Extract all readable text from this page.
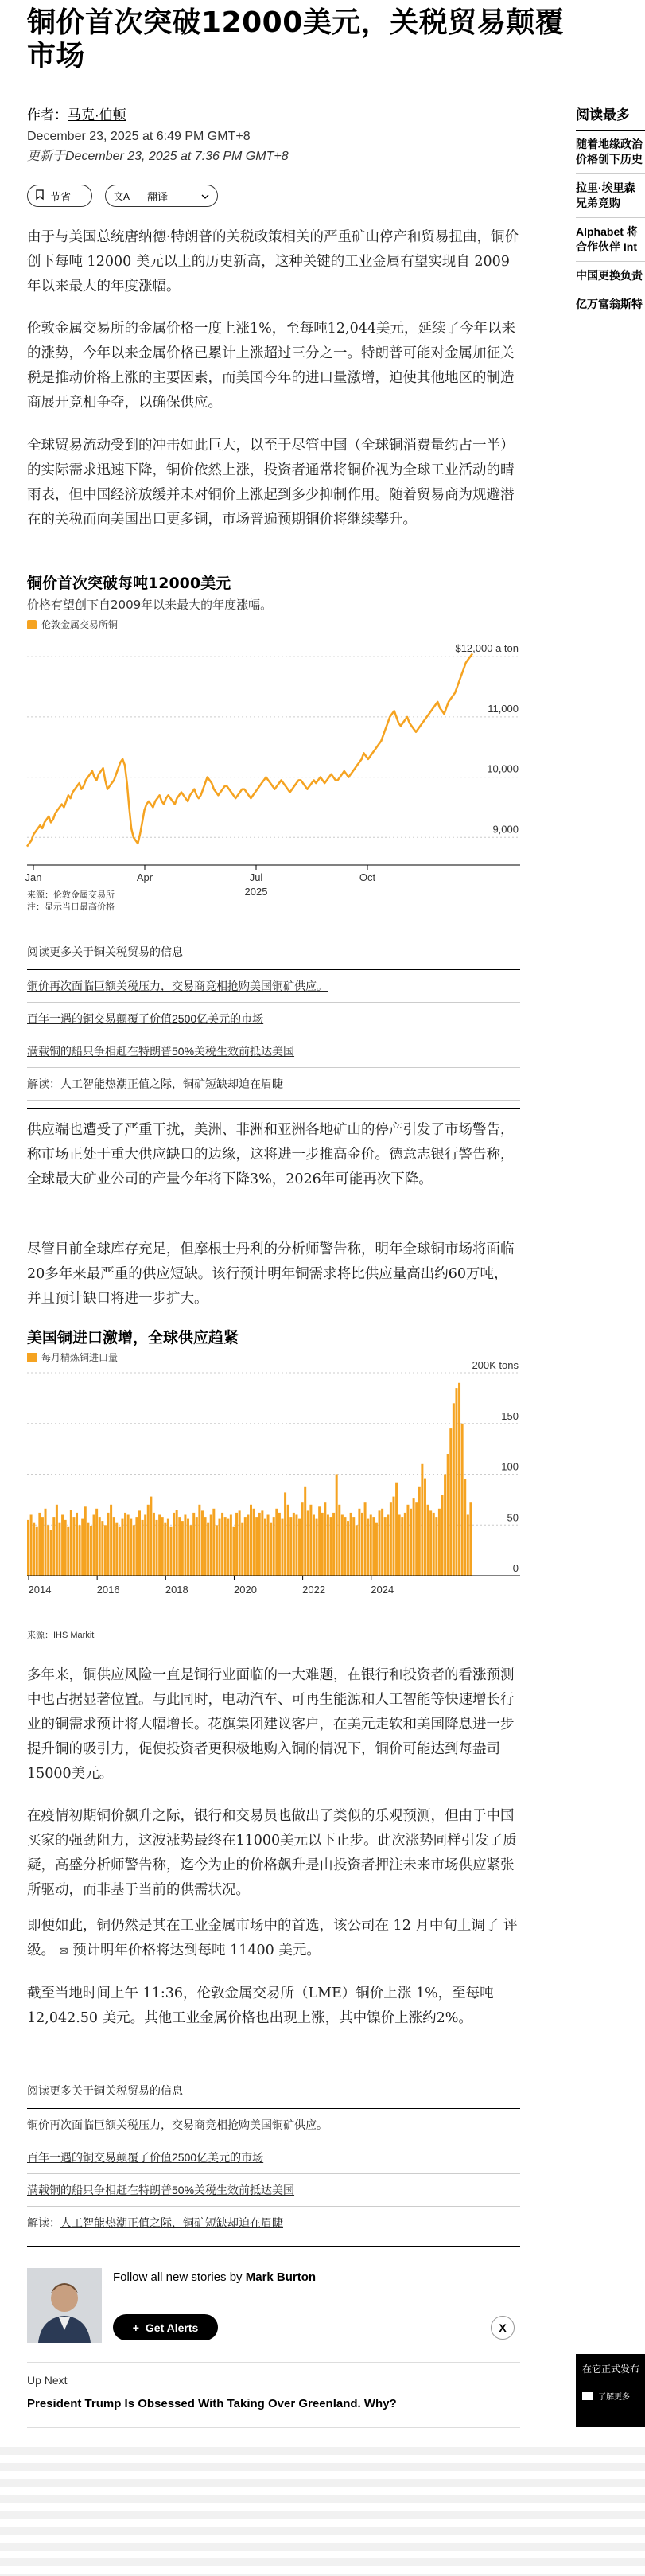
铜价首次突破12000美元，关税贸易颠覆
市场
作者：马克·伯顿
December 23, 2025 at 6:49 PM GMT+8
更新于December 23, 2025 at 7:36 PM GMT+8
节省	文A 翻译

由于与美国总统唐纳德·特朗普的关税政策相关的严重矿山停产和贸易扭曲，铜价创下每吨 12000 美元以上的历史新高，这种关键的工业金属有望实现自 2009 年以来最大的年度涨幅。

伦敦金属交易所的金属价格一度上涨1%，至每吨12,044美元，延续了今年以来的涨势，今年以来金属价格已累计上涨超过三分之一。特朗普可能对金属加征关税是推动价格上涨的主要因素，而美国今年的进口量激增，迫使其他地区的制造商展开竞相争夺，以确保供应。

全球贸易流动受到的冲击如此巨大，以至于尽管中国（全球铜消费量约占一半）的实际需求迅速下降，铜价依然上涨，投资者通常将铜价视为全球工业活动的晴雨表，但中国经济放缓并未对铜价上涨起到多少抑制作用。随着贸易商为规避潜在的关税而向美国出口更多铜，市场普遍预期铜价将继续攀升。

铜价首次突破每吨12000美元
价格有望创下自2009年以来最大的年度涨幅。
伦敦金属交易所铜
9,000
10,000
11,000
$12,000 a ton
Jan	Apr	Jul	Oct
2025
来源：伦敦金属交易所
注：显示当日最高价格
阅读更多关于铜关税贸易的信息
铜价再次面临巨额关税压力，交易商竞相抢购美国铜矿供应。
百年一遇的铜交易颠覆了价值2500亿美元的市场
满载铜的船只争相赶在特朗普50%关税生效前抵达美国
解读：人工智能热潮正值之际，铜矿短缺却迫在眉睫

供应端也遭受了严重干扰，美洲、非洲和亚洲各地矿山的停产引发了市场警告，称市场正处于重大供应缺口的边缘，这将进一步推高金价。德意志银行警告称，全球最大矿业公司的产量今年将下降3%，2026年可能再次下降。

尽管目前全球库存充足，但摩根士丹利的分析师警告称，明年全球铜市场将面临20多年来最严重的供应短缺。该行预计明年铜需求将比供应量高出约60万吨，并且预计缺口将进一步扩大。

美国铜进口激增，全球供应趋紧
每月精炼铜进口量
200K tons
0
50
100
150
2014	2016	2018	2020	2022	2024
来源：IHS Markit

多年来，铜供应风险一直是铜行业面临的一大难题，在银行和投资者的看涨预测中也占据显著位置。与此同时，电动汽车、可再生能源和人工智能等快速增长行业的铜需求预计将大幅增长。花旗集团建议客户，在美元走软和美国降息进一步提升铜的吸引力，促使投资者更积极地购入铜的情况下，铜价可能达到每盎司15000美元。

在疫情初期铜价飙升之际，银行和交易员也做出了类似的乐观预测，但由于中国买家的强劲阻力，这波涨势最终在11000美元以下止步。此次涨势同样引发了质疑，高盛分析师警告称，迄今为止的价格飙升是由投资者押注未来市场供应紧张所驱动，而非基于当前的供需状况。

即便如此，铜仍然是其在工业金属市场中的首选，该公司在 12 月中旬上调了 评级。 ✉ 预计明年价格将达到每吨 11400 美元。

截至当地时间上午 11:36，伦敦金属交易所（LME）铜价上涨 1%，至每吨 12,042.50 美元。其他工业金属价格也出现上涨，其中镍价上涨约2%。

阅读更多关于铜关税贸易的信息
铜价再次面临巨额关税压力，交易商竞相抢购美国铜矿供应。
百年一遇的铜交易颠覆了价值2500亿美元的市场
满载铜的船只争相赶在特朗普50%关税生效前抵达美国
解读：人工智能热潮正值之际，铜矿短缺却迫在眉睫
Follow all new stories by Mark Burton
+ Get Alerts	X
Up Next
President Trump Is Obsessed With Taking Over Greenland. Why?
阅读最多
随着地缘政治
价格创下历史
拉里·埃里森
兄弟竞购
Alphabet 将
合作伙伴 Int
中国更换负责
亿万富翁斯特
在它正式发布
了解更多
